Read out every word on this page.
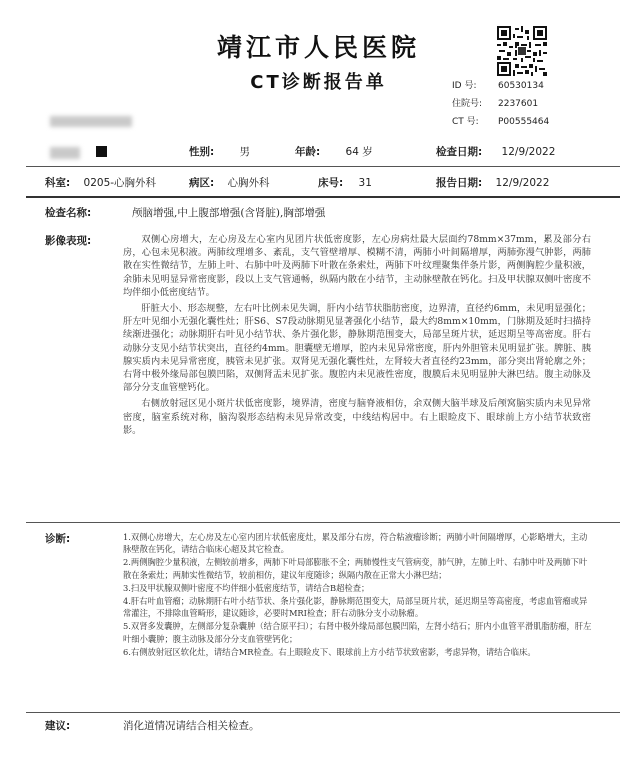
靖江市人民医院
CT诊断报告单	ID 号:	60530134
住院号:	2237601
CT 号:	P00555464
性别: 男	年龄: 64 岁	检查日期: 12/9/2022
科室: 0205-心胸外科	病区: 心胸外科	床号: 31	报告日期: 12/9/2022
检查名称:	颅脑增强,中上腹部增强(含肾脏),胸部增强
影像表现:	双侧心房增大，左心房及左心室内见团片状低密度影，左心房病灶最大层面约78mm×37mm，累及部分右房，心包未见积液。两肺纹理增多、紊乱，支气管壁增厚、模糊不清，两肺小叶间隔增厚，两肺弥漫气肿影，两肺散在实性微结节，左肺上叶、右肺中叶及两肺下叶散在条索灶，两肺下叶纹理聚集伴条片影，两侧胸腔少量积液，余肺未见明显异常密度影，段以上支气管通畅，纵隔内散在小结节，主动脉壁散在钙化。扫及甲状腺双侧叶密度不均伴细小低密度结节。

肝脏大小、形态规整，左右叶比例未见失调，肝内小结节状脂肪密度，边界清，直径约6mm，未见明显强化；肝左叶见细小无强化囊性灶；肝S6、S7段动脉期见显著强化小结节，最大约8mm×10mm，门脉期及延时扫描持续渐进强化；动脉期肝右叶见小结节状、条片强化影，静脉期范围变大，局部呈斑片状，延迟期呈等高密度。肝右动脉分支见小结节状突出，直径约4mm。胆囊壁无增厚，腔内未见异常密度，肝内外胆管未见明显扩张。脾脏、胰腺实质内未见异常密度，胰管未见扩张。双肾见无强化囊性灶，左肾较大者直径约23mm，部分突出肾轮廓之外；右肾中极外缘局部包膜凹陷，双侧肾盂未见扩张。腹腔内未见液性密度，腹膜后未见明显肿大淋巴结。腹主动脉及部分分支血管壁钙化。

右侧放射冠区见小斑片状低密度影，境界清，密度与脑脊液相仿，余双侧大脑半球及后颅窝脑实质内未见异常密度，脑室系统对称，脑沟裂形态结构未见异常改变，中线结构居中。右上眼睑皮下、眼球前上方小结节状致密影。

诊断:	1.双侧心房增大，左心房及左心室内团片状低密度灶，累及部分右房，符合粘液瘤诊断；两肺小叶间隔增厚，心影略增大，主动脉壁散在钙化，请结合临床心超及其它检查。

2.两侧胸腔少量积液，左侧较前增多，两肺下叶局部膨胀不全；两肺慢性支气管病变，肺气肿，左肺上叶、右肺中叶及两肺下叶散在条索灶；两肺实性微结节，较前相仿，建议年度随诊；纵隔内散在正常大小淋巴结；

3.扫及甲状腺双侧叶密度不均伴细小低密度结节，请结合B超检查；

4.肝右叶血管瘤；动脉期肝右叶小结节状、条片强化影，静脉期范围变大，局部呈斑片状，延迟期呈等高密度，考虑血管瘤或异常灌注，不排除血管畸形，建议随诊，必要时MRI检查；肝右动脉分支小动脉瘤。

5.双肾多发囊肿，左侧部分复杂囊肿（结合原平扫）；右肾中极外缘局部包膜凹陷，左肾小结石；肝内小血管平滑肌脂肪瘤，肝左叶细小囊肿；腹主动脉及部分分支血管壁钙化；

6.右侧放射冠区软化灶，请结合MR检查。右上眼睑皮下、眼球前上方小结节状致密影，考虑异物，请结合临床。

建议:	消化道情况请结合相关检查。
